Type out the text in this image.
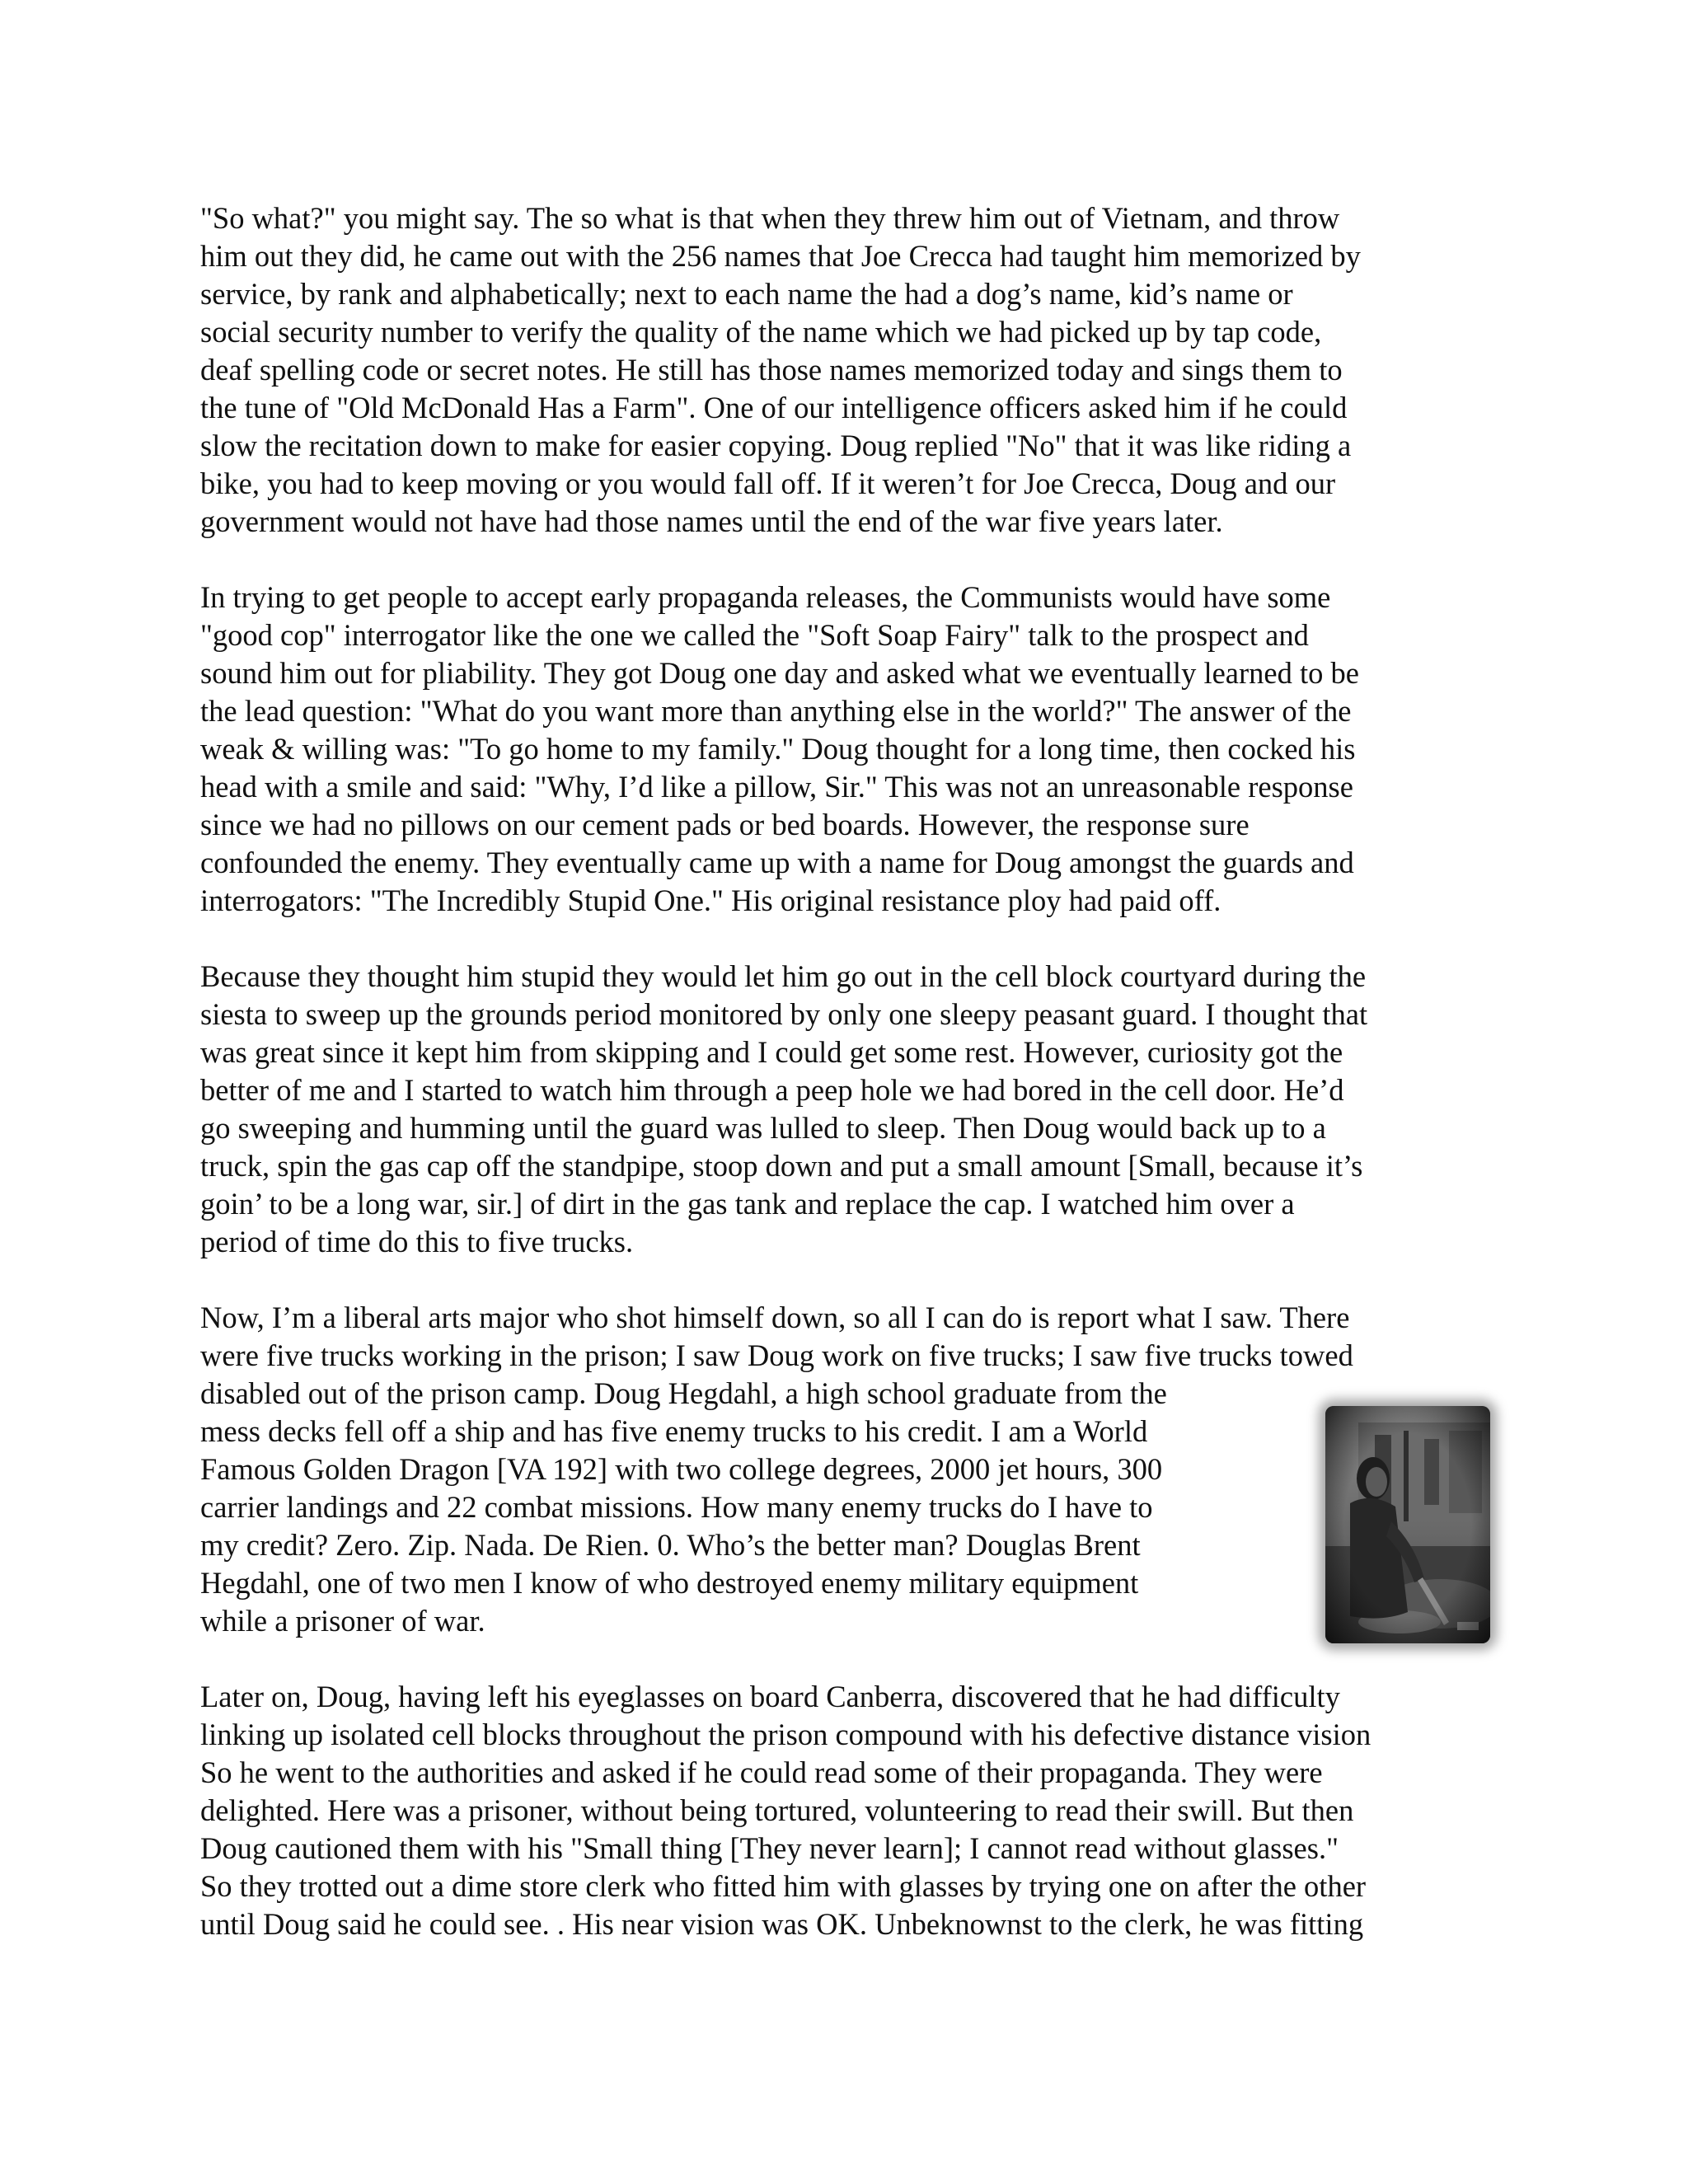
"So what?" you might say. The so what is that when they threw him out of Vietnam, and throw
him out they did, he came out with the 256 names that Joe Crecca had taught him memorized by
service, by rank and alphabetically; next to each name the had a dog’s name, kid’s name or
social security number to verify the quality of the name which we had picked up by tap code,
deaf spelling code or secret notes. He still has those names memorized today and sings them to
the tune of "Old McDonald Has a Farm". One of our intelligence officers asked him if he could
slow the recitation down to make for easier copying. Doug replied "No" that it was like riding a
bike, you had to keep moving or you would fall off. If it weren’t for Joe Crecca, Doug and our
government would not have had those names until the end of the war five years later.
In trying to get people to accept early propaganda releases, the Communists would have some
"good cop" interrogator like the one we called the "Soft Soap Fairy" talk to the prospect and
sound him out for pliability. They got Doug one day and asked what we eventually learned to be
the lead question: "What do you want more than anything else in the world?" The answer of the
weak & willing was: "To go home to my family." Doug thought for a long time, then cocked his
head with a smile and said: "Why, I’d like a pillow, Sir." This was not an unreasonable response
since we had no pillows on our cement pads or bed boards. However, the response sure
confounded the enemy. They eventually came up with a name for Doug amongst the guards and
interrogators: "The Incredibly Stupid One." His original resistance ploy had paid off.
Because they thought him stupid they would let him go out in the cell block courtyard during the
siesta to sweep up the grounds period monitored by only one sleepy peasant guard. I thought that
was great since it kept him from skipping and I could get some rest. However, curiosity got the
better of me and I started to watch him through a peep hole we had bored in the cell door. He’d
go sweeping and humming until the guard was lulled to sleep. Then Doug would back up to a
truck, spin the gas cap off the standpipe, stoop down and put a small amount [Small, because it’s
goin’ to be a long war, sir.] of dirt in the gas tank and replace the cap. I watched him over a
period of time do this to five trucks.
Now, I’m a liberal arts major who shot himself down, so all I can do is report what I saw. There
were five trucks working in the prison; I saw Doug work on five trucks; I saw five trucks towed
disabled out of the prison camp. Doug Hegdahl, a high school graduate from the
mess decks fell off a ship and has five enemy trucks to his credit. I am a World
Famous Golden Dragon [VA 192] with two college degrees, 2000 jet hours, 300
carrier landings and 22 combat missions. How many enemy trucks do I have to
my credit? Zero. Zip. Nada. De Rien. 0. Who’s the better man? Douglas Brent
Hegdahl, one of two men I know of who destroyed enemy military equipment
while a prisoner of war.
Later on, Doug, having left his eyeglasses on board Canberra, discovered that he had difficulty
linking up isolated cell blocks throughout the prison compound with his defective distance vision
So he went to the authorities and asked if he could read some of their propaganda. They were
delighted. Here was a prisoner, without being tortured, volunteering to read their swill. But then
Doug cautioned them with his "Small thing [They never learn]; I cannot read without glasses."
So they trotted out a dime store clerk who fitted him with glasses by trying one on after the other
until Doug said he could see. . His near vision was OK. Unbeknownst to the clerk, he was fitting
